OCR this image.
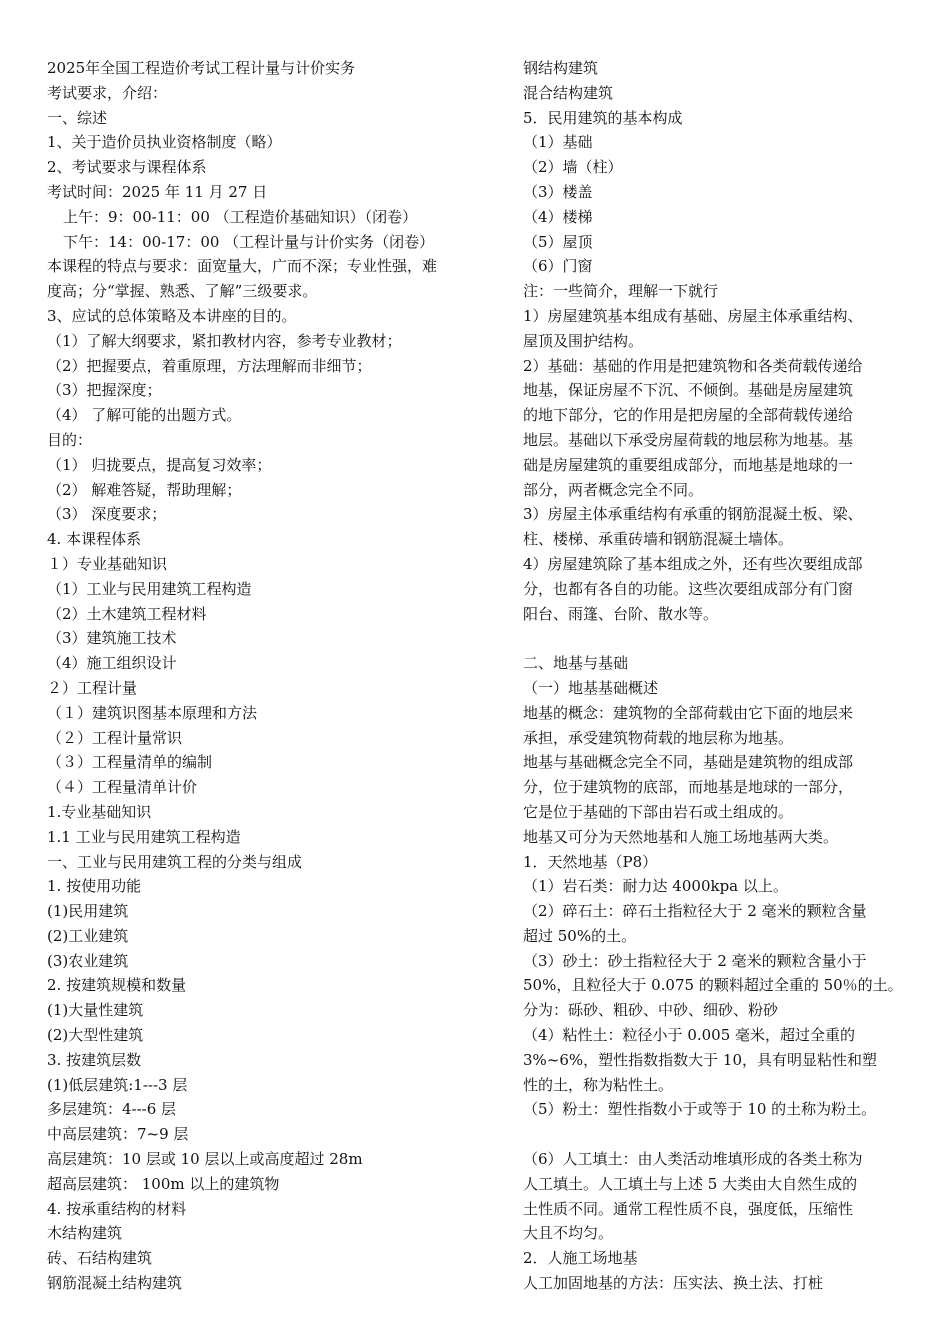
2025年全国工程造价考试工程计量与计价实务
考试要求，介绍：
一、综述
1、关于造价员执业资格制度（略）
2、考试要求与课程体系
考试时间：2025 年 11 月 27 日
上午：9：00-11：00 （工程造价基础知识）（闭卷）
下午：14：00-17：00 （工程计量与计价实务（闭卷）
本课程的特点与要求：面宽量大，广而不深；专业性强，难
度高；分“掌握、熟悉、了解”三级要求。
3、应试的总体策略及本讲座的目的。
（1）了解大纲要求，紧扣教材内容，参考专业教材；
（2）把握要点，着重原理，方法理解而非细节；
（3）把握深度；
（4） 了解可能的出题方式。
目的：
（1） 归拢要点，提高复习效率；
（2） 解难答疑，帮助理解；
（3） 深度要求；
4. 本课程体系
１）专业基础知识
（1）工业与民用建筑工程构造
（2）土木建筑工程材料
（3）建筑施工技术
（4）施工组织设计
２）工程计量
（１）建筑识图基本原理和方法
（２）工程计量常识
（３）工程量清单的编制
（４）工程量清单计价
1.专业基础知识
1.1 工业与民用建筑工程构造
一、工业与民用建筑工程的分类与组成
1. 按使用功能
(1)民用建筑
(2)工业建筑
(3)农业建筑
2. 按建筑规模和数量
(1)大量性建筑
(2)大型性建筑
3. 按建筑层数
(1)低层建筑:1---3 层
多层建筑：4---6 层
中高层建筑：7~9 层
高层建筑：10 层或 10 层以上或高度超过 28m
超高层建筑： 100m 以上的建筑物
4. 按承重结构的材料
木结构建筑
砖、石结构建筑
钢筋混凝土结构建筑
钢结构建筑
混合结构建筑
5．民用建筑的基本构成
（1）基础
（2）墙（柱）
（3）楼盖
（4）楼梯
（5）屋顶
（6）门窗
注：一些简介，理解一下就行
1）房屋建筑基本组成有基础、房屋主体承重结构、
屋顶及围护结构。
2）基础：基础的作用是把建筑物和各类荷载传递给
地基，保证房屋不下沉、不倾倒。基础是房屋建筑
的地下部分，它的作用是把房屋的全部荷载传递给
地层。基础以下承受房屋荷载的地层称为地基。基
础是房屋建筑的重要组成部分，而地基是地球的一
部分，两者概念完全不同。
3）房屋主体承重结构有承重的钢筋混凝土板、梁、
柱、楼梯、承重砖墙和钢筋混凝土墙体。
4）房屋建筑除了基本组成之外，还有些次要组成部
分，也都有各自的功能。这些次要组成部分有门窗
阳台、雨篷、台阶、散水等。
二、地基与基础
（一）地基基础概述
地基的概念：建筑物的全部荷载由它下面的地层来
承担，承受建筑物荷载的地层称为地基。
地基与基础概念完全不同，基础是建筑物的组成部
分，位于建筑物的底部，而地基是地球的一部分，
它是位于基础的下部由岩石或土组成的。
地基又可分为天然地基和人施工场地基两大类。
1．天然地基（P8）
（1）岩石类：耐力达 4000kpa 以上。
（2）碎石土：碎石土指粒径大于 2 毫米的颗粒含量
超过 50%的土。
（3）砂土：砂土指粒径大于 2 毫米的颗粒含量小于
50%，且粒径大于 0.075 的颗料超过全重的 50％的土。
分为：砾砂、粗砂、中砂、细砂、粉砂
（4）粘性土：粒径小于 0.005 毫米，超过全重的
3%~6%，塑性指数指数大于 10，具有明显粘性和塑
性的土，称为粘性土。
（5）粉土：塑性指数小于或等于 10 的土称为粉土。
（6）人工填土：由人类活动堆填形成的各类土称为
人工填土。人工填土与上述 5 大类由大自然生成的
土性质不同。通常工程性质不良，强度低，压缩性
大且不均匀。
2．人施工场地基
人工加固地基的方法：压实法、换土法、打桩
